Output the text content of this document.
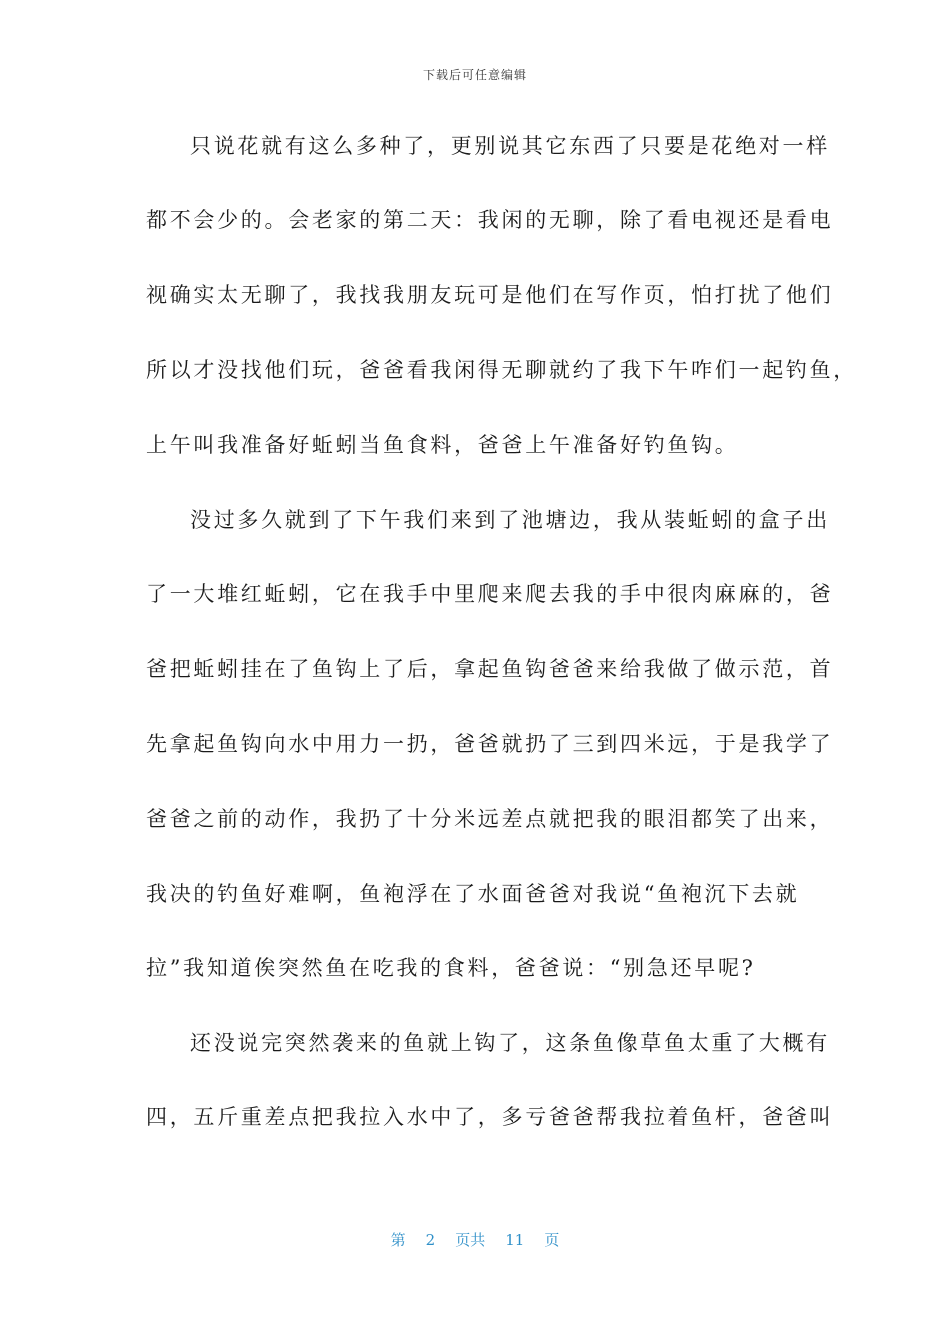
下载后可任意编辑
只说花就有这么多种了，更别说其它东西了只要是花绝对一样
都不会少的。会老家的第二天：我闲的无聊，除了看电视还是看电
视确实太无聊了，我找我朋友玩可是他们在写作页，怕打扰了他们
所以才没找他们玩，爸爸看我闲得无聊就约了我下午咋们一起钓鱼，
上午叫我准备好蚯蚓当鱼食料，爸爸上午准备好钓鱼钩。
没过多久就到了下午我们来到了池塘边，我从装蚯蚓的盒子出
了一大堆红蚯蚓，它在我手中里爬来爬去我的手中很肉麻麻的，爸
爸把蚯蚓挂在了鱼钩上了后，拿起鱼钩爸爸来给我做了做示范，首
先拿起鱼钩向水中用力一扔，爸爸就扔了三到四米远，于是我学了
爸爸之前的动作，我扔了十分米远差点就把我的眼泪都笑了出来，
我决的钓鱼好难啊，鱼袍浮在了水面爸爸对我说“鱼袍沉下去就
拉”我知道俟突然鱼在吃我的食料，爸爸说：“别急还早呢?
还没说完突然袭来的鱼就上钩了，这条鱼像草鱼太重了大概有
四，五斤重差点把我拉入水中了，多亏爸爸帮我拉着鱼杆，爸爸叫
第 2 页共 11 页
